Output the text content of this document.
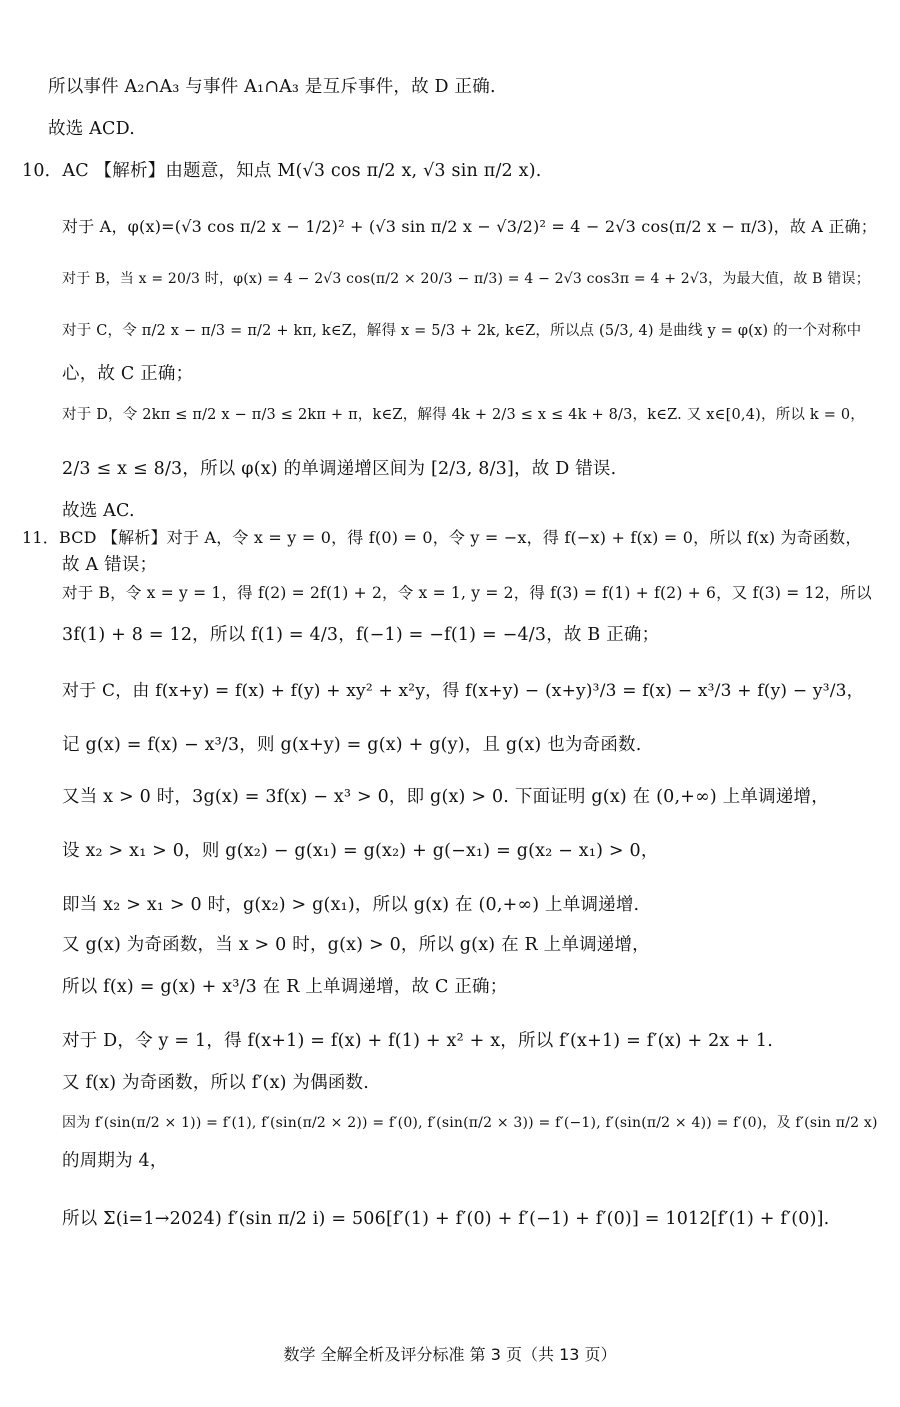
所以事件 A₂∩A₃ 与事件 A₁∩A₃ 是互斥事件，故 D 正确.
故选 ACD.
10．AC 【解析】由题意，知点 M(√3 cos π/2 x, √3 sin π/2 x).
对于 A，φ(x)=(√3 cos π/2 x − 1/2)² + (√3 sin π/2 x − √3/2)² = 4 − 2√3 cos(π/2 x − π/3)，故 A 正确；
对于 B，当 x = 20/3 时，φ(x) = 4 − 2√3 cos(π/2 × 20/3 − π/3) = 4 − 2√3 cos3π = 4 + 2√3，为最大值，故 B 错误；
对于 C，令 π/2 x − π/3 = π/2 + kπ, k∈Z，解得 x = 5/3 + 2k, k∈Z，所以点 (5/3, 4) 是曲线 y = φ(x) 的一个对称中
心，故 C 正确；
对于 D，令 2kπ ≤ π/2 x − π/3 ≤ 2kπ + π，k∈Z，解得 4k + 2/3 ≤ x ≤ 4k + 8/3，k∈Z. 又 x∈[0,4)，所以 k = 0，
2/3 ≤ x ≤ 8/3，所以 φ(x) 的单调递增区间为 [2/3, 8/3]，故 D 错误.
故选 AC.
11．BCD 【解析】对于 A，令 x = y = 0，得 f(0) = 0，令 y = −x，得 f(−x) + f(x) = 0，所以 f(x) 为奇函数，
故 A 错误；
对于 B，令 x = y = 1，得 f(2) = 2f(1) + 2，令 x = 1, y = 2，得 f(3) = f(1) + f(2) + 6，又 f(3) = 12，所以
3f(1) + 8 = 12，所以 f(1) = 4/3，f(−1) = −f(1) = −4/3，故 B 正确；
对于 C，由 f(x+y) = f(x) + f(y) + xy² + x²y，得 f(x+y) − (x+y)³/3 = f(x) − x³/3 + f(y) − y³/3，
记 g(x) = f(x) − x³/3，则 g(x+y) = g(x) + g(y)，且 g(x) 也为奇函数.
又当 x > 0 时，3g(x) = 3f(x) − x³ > 0，即 g(x) > 0. 下面证明 g(x) 在 (0,+∞) 上单调递增，
设 x₂ > x₁ > 0，则 g(x₂) − g(x₁) = g(x₂) + g(−x₁) = g(x₂ − x₁) > 0，
即当 x₂ > x₁ > 0 时，g(x₂) > g(x₁)，所以 g(x) 在 (0,+∞) 上单调递增.
又 g(x) 为奇函数，当 x > 0 时，g(x) > 0，所以 g(x) 在 R 上单调递增，
所以 f(x) = g(x) + x³/3 在 R 上单调递增，故 C 正确；
对于 D，令 y = 1，得 f(x+1) = f(x) + f(1) + x² + x，所以 f′(x+1) = f′(x) + 2x + 1.
又 f(x) 为奇函数，所以 f′(x) 为偶函数.
因为 f′(sin(π/2 × 1)) = f′(1), f′(sin(π/2 × 2)) = f′(0), f′(sin(π/2 × 3)) = f′(−1), f′(sin(π/2 × 4)) = f′(0)，及 f′(sin π/2 x)
的周期为 4，
所以 Σ(i=1→2024) f′(sin π/2 i) = 506[f′(1) + f′(0) + f′(−1) + f′(0)] = 1012[f′(1) + f′(0)].
数学 全解全析及评分标准 第 3 页（共 13 页）
